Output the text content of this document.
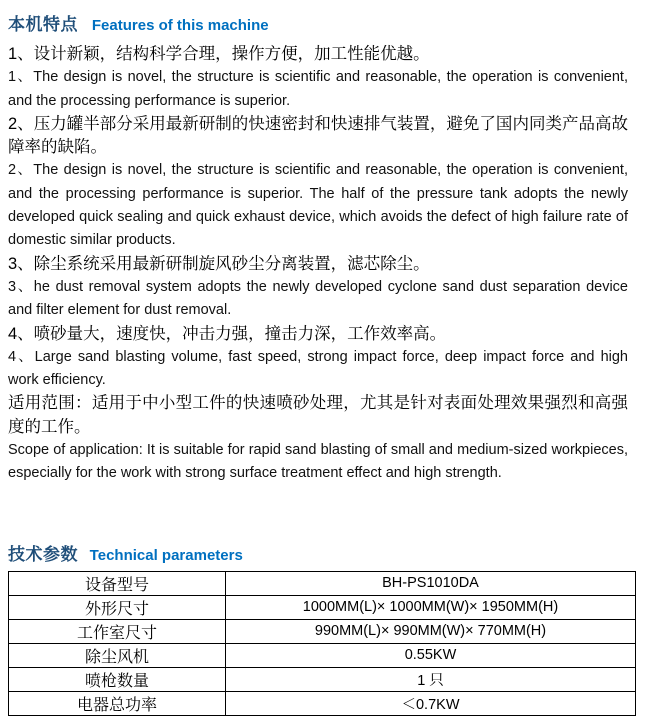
本机特点 Features of this machine

1、设计新颖，结构科学合理，操作方便，加工性能优越。

1、The design is novel, the structure is scientific and reasonable, the operation is convenient, and the processing performance is superior.

2、压力罐半部分采用最新研制的快速密封和快速排气装置，避免了国内同类产品高故障率的缺陷。

2、The design is novel, the structure is scientific and reasonable, the operation is convenient, and the processing performance is superior. The half of the pressure tank adopts the newly developed quick sealing and quick exhaust device, which avoids the defect of high failure rate of domestic similar products.

3、除尘系统采用最新研制旋风砂尘分离装置，滤芯除尘。

3、he dust removal system adopts the newly developed cyclone sand dust separation device and filter element for dust removal.

4、喷砂量大，速度快，冲击力强，撞击力深，工作效率高。

4、Large sand blasting volume, fast speed, strong impact force, deep impact force and high work efficiency.

适用范围：适用于中小型工件的快速喷砂处理，尤其是针对表面处理效果强烈和高强度的工作。

Scope of application: It is suitable for rapid sand blasting of small and medium-sized workpieces, especially for the work with strong surface treatment effect and high strength.

技术参数 Technical parameters
设备型号	BH-PS1010DA
外形尺寸	1000MM(L)× 1000MM(W)× 1950MM(H)
工作室尺寸	990MM(L)× 990MM(W)× 770MM(H)
除尘风机	0.55KW
喷枪数量	1 只
电器总功率	＜0.7KW
